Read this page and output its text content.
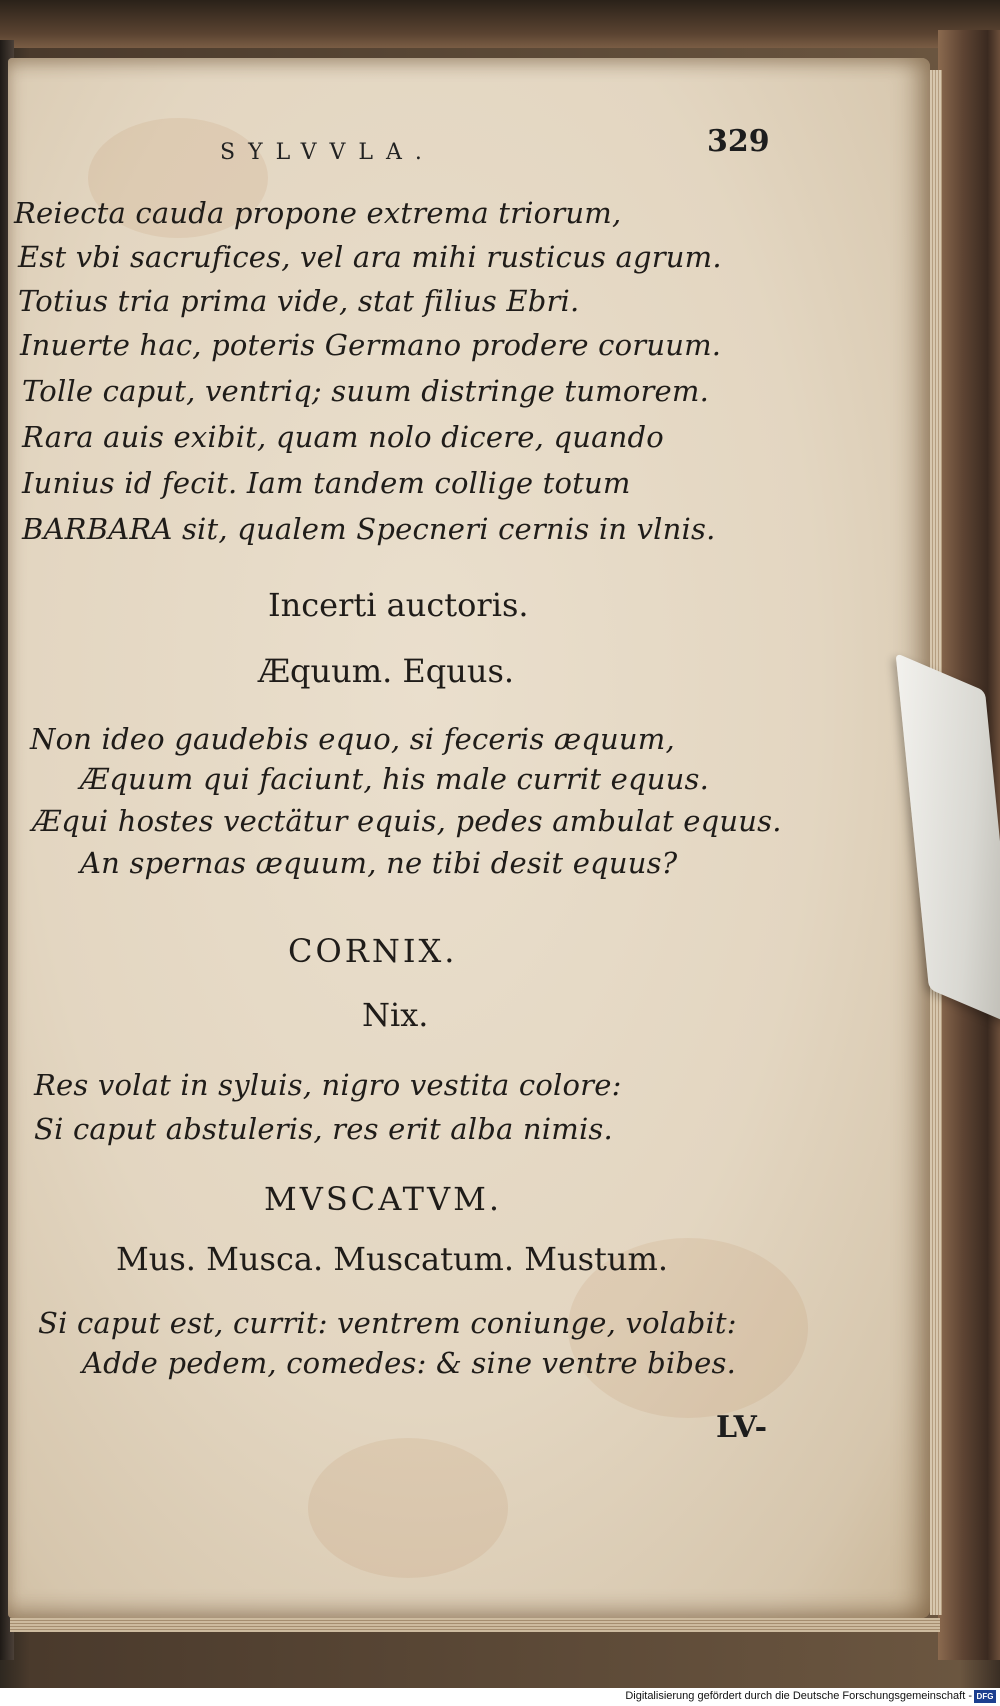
SYLVVLA.	329
Reiecta cauda propone extrema triorum,
Est vbi sacrufices, vel ara mihi rusticus agrum.
Totius tria prima vide, stat filius Ebri.
Inuerte hac, poteris Germano prodere coruum.
Tolle caput, ventriq; suum distringe tumorem.
Rara auis exibit, quam nolo dicere, quando
Iunius id fecit. Iam tandem collige totum
BARBARA sit, qualem Specneri cernis in vlnis.
Incerti auctoris.
Æquum. Equus.
Non ideo gaudebis equo, si feceris æquum,
Æquum qui faciunt, his male currit equus.
Æqui hostes vectätur equis, pedes ambulat equus.
An spernas æquum, ne tibi desit equus?
CORNIX.
Nix.
Res volat in syluis, nigro vestita colore:
Si caput abstuleris, res erit alba nimis.
MVSCATVM.
Mus. Musca. Muscatum. Mustum.
Si caput est, currit: ventrem coniunge, volabit:
Adde pedem, comedes: & sine ventre bibes.
LV-
Digitalisierung gefördert durch die Deutsche Forschungsgemeinschaft - DFG
